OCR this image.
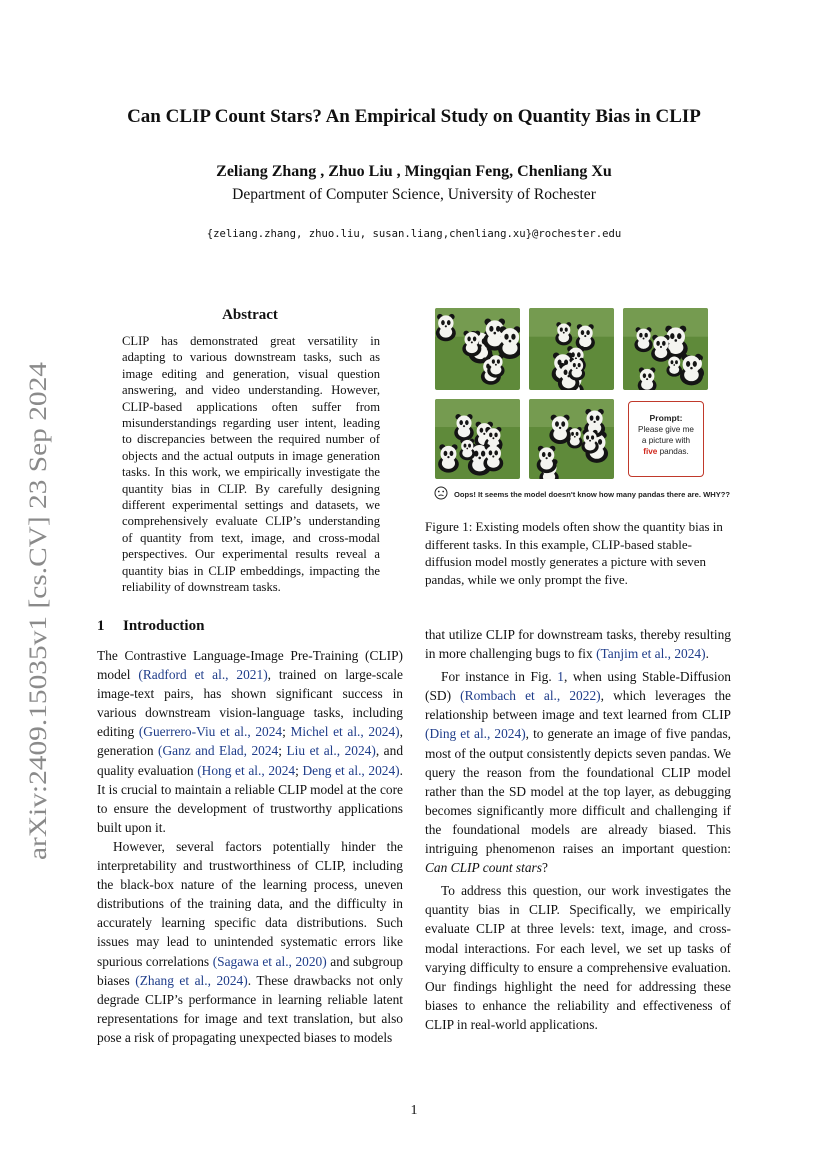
arXiv:2409.15035v1 [cs.CV] 23 Sep 2024
Can CLIP Count Stars? An Empirical Study on Quantity Bias in CLIP
Zeliang Zhang , Zhuo Liu , Mingqian Feng, Chenliang Xu
Department of Computer Science, University of Rochester
{zeliang.zhang, zhuo.liu, susan.liang,chenliang.xu}@rochester.edu
Abstract
CLIP has demonstrated great versatility in adapting to various downstream tasks, such as image editing and generation, visual question answering, and video understanding. However, CLIP-based applications often suffer from misunderstandings regarding user intent, leading to discrepancies between the required number of objects and the actual outputs in image generation tasks. In this work, we empirically investigate the quantity bias in CLIP. By carefully designing different experimental settings and datasets, we comprehensively evaluate CLIP’s understanding of quantity from text, image, and cross-modal perspectives. Our experimental results reveal a quantity bias in CLIP embeddings, impacting the reliability of downstream tasks.
Prompt:
Please give me
a picture with
five pandas.
Oops! It seems the model doesn't know how many pandas there are. WHY??
Figure 1: Existing models often show the quantity bias in different tasks. In this example, CLIP-based stable-diffusion model mostly generates a picture with seven pandas, while we only prompt the five.
1 Introduction

The Contrastive Language-Image Pre-Training (CLIP) model (Radford et al., 2021), trained on large-scale image-text pairs, has shown significant success in various downstream vision-language tasks, including editing (Guerrero-Viu et al., 2024; Michel et al., 2024), generation (Ganz and Elad, 2024; Liu et al., 2024), and quality evaluation (Hong et al., 2024; Deng et al., 2024). It is crucial to maintain a reliable CLIP model at the core to ensure the development of trustworthy applications built upon it.

However, several factors potentially hinder the interpretability and trustworthiness of CLIP, including the black-box nature of the learning process, uneven distributions of the training data, and the difficulty in accurately learning specific data distributions. Such issues may lead to unintended systematic errors like spurious correlations (Sagawa et al., 2020) and subgroup biases (Zhang et al., 2024). These drawbacks not only degrade CLIP’s performance in learning reliable latent representations for image and text translation, but also pose a risk of propagating unexpected biases to models

that utilize CLIP for downstream tasks, thereby resulting in more challenging bugs to fix (Tanjim et al., 2024).

For instance in Fig. 1, when using Stable-Diffusion (SD) (Rombach et al., 2022), which leverages the relationship between image and text learned from CLIP (Ding et al., 2024), to generate an image of five pandas, most of the output consistently depicts seven pandas. We query the reason from the foundational CLIP model rather than the SD model at the top layer, as debugging becomes significantly more difficult and challenging if the foundational models are already biased. This intriguing phenomenon raises an important question: Can CLIP count stars?

To address this question, our work investigates the quantity bias in CLIP. Specifically, we empirically evaluate CLIP at three levels: text, image, and cross-modal interactions. For each level, we set up tasks of varying difficulty to ensure a comprehensive evaluation. Our findings highlight the need for addressing these biases to enhance the reliability and effectiveness of CLIP in real-world applications.

1
